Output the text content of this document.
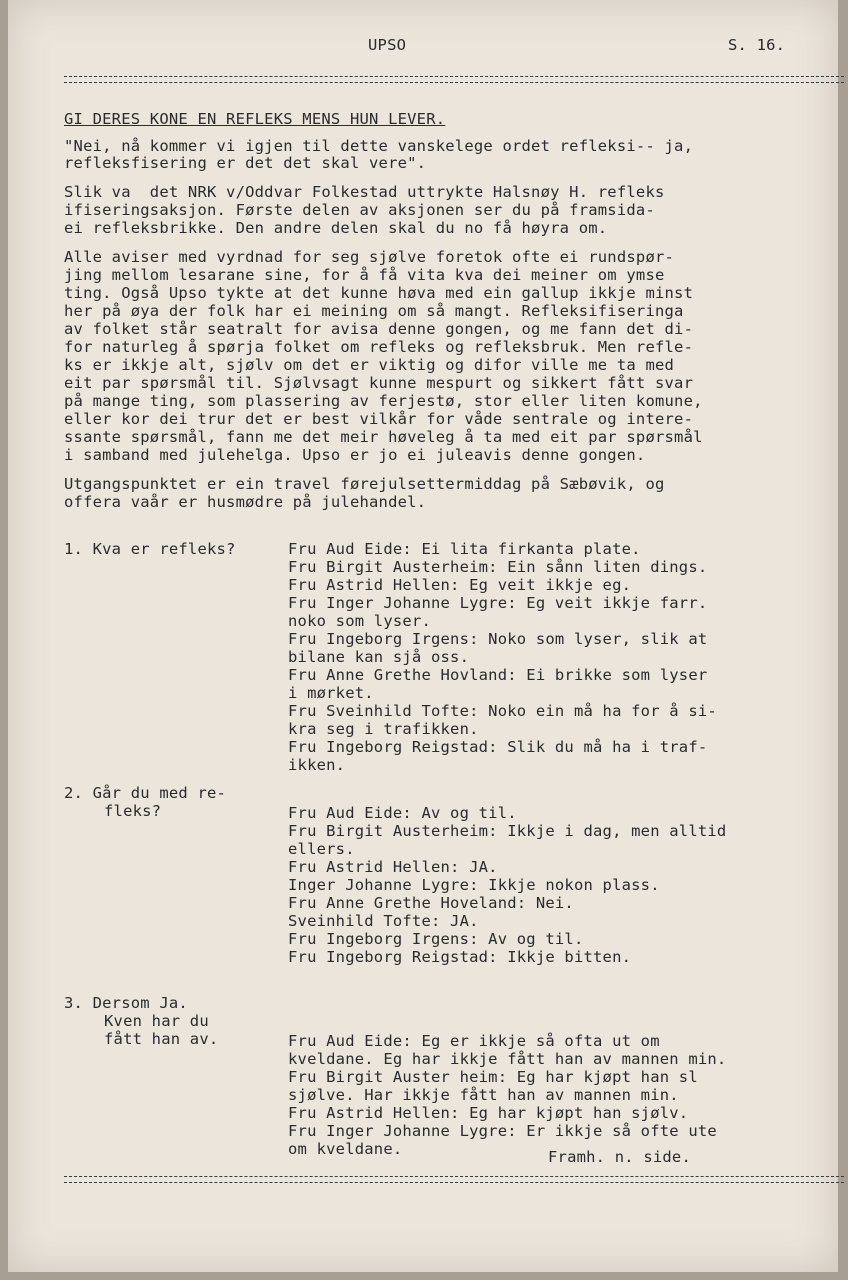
UPSO	S. 16.
GI DERES KONE EN REFLEKS MENS HUN LEVER.
"Nei, nå kommer vi igjen til dette vanskelege ordet refleksi-- ja,
refleksfisering er det det skal vere".
Slik va  det NRK v/Oddvar Folkestad uttrykte Halsnøy H. refleks
ifiseringsaksjon. Første delen av aksjonen ser du på framsida-
ei refleksbrikke. Den andre delen skal du no få høyra om.
Alle aviser med vyrdnad for seg sjølve foretok ofte ei rundspør-
jing mellom lesarane sine, for å få vita kva dei meiner om ymse
ting. Også Upso tykte at det kunne høva med ein gallup ikkje minst
her på øya der folk har ei meining om så mangt. Refleksifiseringa
av folket står seatralt for avisa denne gongen, og me fann det di-
for naturleg å spørja folket om refleks og refleksbruk. Men refle-
ks er ikkje alt, sjølv om det er viktig og difor ville me ta med
eit par spørsmål til. Sjølvsagt kunne mespurt og sikkert fått svar
på mange ting, som plassering av ferjestø, stor eller liten komune,
eller kor dei trur det er best vilkår for våde sentrale og intere-
ssante spørsmål, fann me det meir høveleg å ta med eit par spørsmål
i samband med julehelga. Upso er jo ei juleavis denne gongen.
Utgangspunktet er ein travel førejulsettermiddag på Sæbøvik, og
offera vaår er husmødre på julehandel.
1. Kva er refleks?	Fru Aud Eide: Ei lita firkanta plate.
Fru Birgit Austerheim: Ein sånn liten dings.
Fru Astrid Hellen: Eg veit ikkje eg.
Fru Inger Johanne Lygre: Eg veit ikkje farr.
noko som lyser.
Fru Ingeborg Irgens: Noko som lyser, slik at
bilane kan sjå oss.
Fru Anne Grethe Hovland: Ei brikke som lyser
i mørket.
Fru Sveinhild Tofte: Noko ein må ha for å si-
kra seg i trafikken.
Fru Ingeborg Reigstad: Slik du må ha i traf-
ikken.
2. Går du med re-
fleks?	Fru Aud Eide: Av og til.
Fru Birgit Austerheim: Ikkje i dag, men alltid
ellers.
Fru Astrid Hellen: JA.
Inger Johanne Lygre: Ikkje nokon plass.
Fru Anne Grethe Hoveland: Nei.
Sveinhild Tofte: JA.
Fru Ingeborg Irgens: Av og til.
Fru Ingeborg Reigstad: Ikkje bitten.
3. Dersom Ja.
Kven har du
fått han av.	Fru Aud Eide: Eg er ikkje så ofta ut om
kveldane. Eg har ikkje fått han av mannen min.
Fru Birgit Auster heim: Eg har kjøpt han sl
sjølve. Har ikkje fått han av mannen min.
Fru Astrid Hellen: Eg har kjøpt han sjølv.
Fru Inger Johanne Lygre: Er ikkje så ofte ute
om kveldane.	Framh. n. side.
